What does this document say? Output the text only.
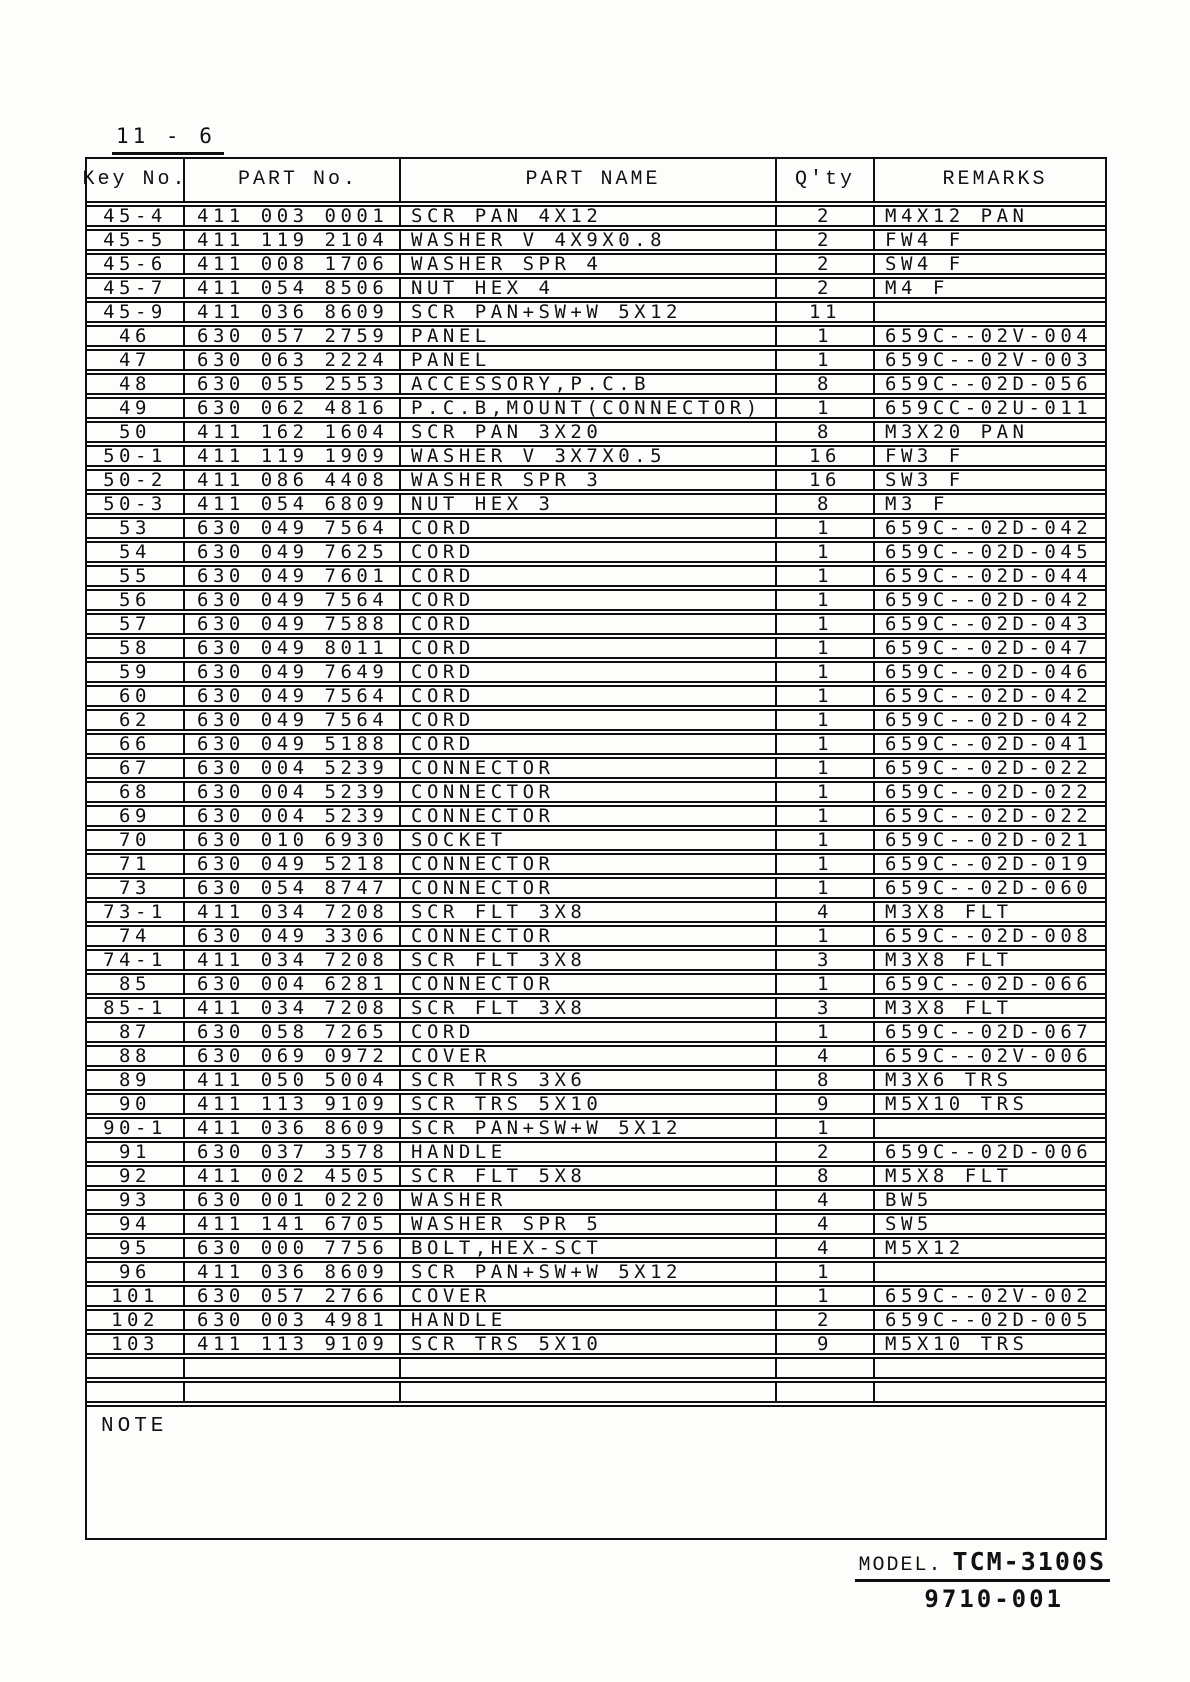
11 - 6
Key No.	PART No.	PART NAME	Q'ty	REMARKS
45-4	411 003 0001	SCR PAN 4X12	2	M4X12 PAN
45-5	411 119 2104	WASHER V 4X9X0.8	2	FW4 F
45-6	411 008 1706	WASHER SPR 4	2	SW4 F
45-7	411 054 8506	NUT HEX 4	2	M4 F
45-9	411 036 8609	SCR PAN+SW+W 5X12	11
46	630 057 2759	PANEL	1	659C--02V-004
47	630 063 2224	PANEL	1	659C--02V-003
48	630 055 2553	ACCESSORY,P.C.B	8	659C--02D-056
49	630 062 4816	P.C.B,MOUNT(CONNECTOR)	1	659CC-02U-011
50	411 162 1604	SCR PAN 3X20	8	M3X20 PAN
50-1	411 119 1909	WASHER V 3X7X0.5	16	FW3 F
50-2	411 086 4408	WASHER SPR 3	16	SW3 F
50-3	411 054 6809	NUT HEX 3	8	M3 F
53	630 049 7564	CORD	1	659C--02D-042
54	630 049 7625	CORD	1	659C--02D-045
55	630 049 7601	CORD	1	659C--02D-044
56	630 049 7564	CORD	1	659C--02D-042
57	630 049 7588	CORD	1	659C--02D-043
58	630 049 8011	CORD	1	659C--02D-047
59	630 049 7649	CORD	1	659C--02D-046
60	630 049 7564	CORD	1	659C--02D-042
62	630 049 7564	CORD	1	659C--02D-042
66	630 049 5188	CORD	1	659C--02D-041
67	630 004 5239	CONNECTOR	1	659C--02D-022
68	630 004 5239	CONNECTOR	1	659C--02D-022
69	630 004 5239	CONNECTOR	1	659C--02D-022
70	630 010 6930	SOCKET	1	659C--02D-021
71	630 049 5218	CONNECTOR	1	659C--02D-019
73	630 054 8747	CONNECTOR	1	659C--02D-060
73-1	411 034 7208	SCR FLT 3X8	4	M3X8 FLT
74	630 049 3306	CONNECTOR	1	659C--02D-008
74-1	411 034 7208	SCR FLT 3X8	3	M3X8 FLT
85	630 004 6281	CONNECTOR	1	659C--02D-066
85-1	411 034 7208	SCR FLT 3X8	3	M3X8 FLT
87	630 058 7265	CORD	1	659C--02D-067
88	630 069 0972	COVER	4	659C--02V-006
89	411 050 5004	SCR TRS 3X6	8	M3X6 TRS
90	411 113 9109	SCR TRS 5X10	9	M5X10 TRS
90-1	411 036 8609	SCR PAN+SW+W 5X12	1
91	630 037 3578	HANDLE	2	659C--02D-006
92	411 002 4505	SCR FLT 5X8	8	M5X8 FLT
93	630 001 0220	WASHER	4	BW5
94	411 141 6705	WASHER SPR 5	4	SW5
95	630 000 7756	BOLT,HEX-SCT	4	M5X12
96	411 036 8609	SCR PAN+SW+W 5X12	1
101	630 057 2766	COVER	1	659C--02V-002
102	630 003 4981	HANDLE	2	659C--02D-005
103	411 113 9109	SCR TRS 5X10	9	M5X10 TRS
NOTE
MODEL. TCM-3100S
9710-001
